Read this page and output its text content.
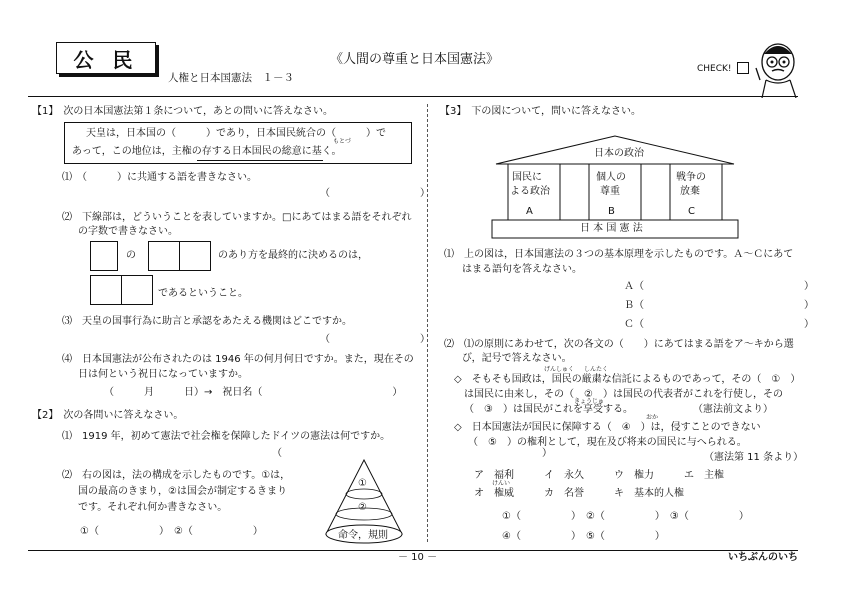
公 民	《人間の尊重と日本国憲法》
人権と日本国憲法　１－３
CHECK!
【1】　次の日本国憲法第１条について，あとの問いに答えなさい。
天皇は，日本国の（　　　）であり，日本国民統合の（　　　）で
あって，この地位は，主権の存する日本国民の総意に基く。
もとづ
⑴　（　　　）に共通する語を書きなさい。
（　　　　　　　　　）
⑵　下線部は，どういうことを表していますか。□にあてはまる語をそれぞれ
の字数で書きなさい。
の	のあり方を最終的に決めるのは，
であるということ。
⑶　天皇の国事行為に助言と承認をあたえる機関はどこですか。
（　　　　　　　　　）
⑷　日本国憲法が公布されたのは 1946 年の何月何日ですか。また，現在その
日は何という祝日になっていますか。
（　　　月　　　日）→　祝日名（　　　　　　　　　　　　　）
【2】　次の各問いに答えなさい。
⑴　1919 年，初めて憲法で社会権を保障したドイツの憲法は何ですか。
（　　　　　　　　　　　　　　　　　　　　　　　　　　）
⑵　右の図は，法の構成を示したものです。①は，
国の最高のきまり，②は国会が制定するきまり
です。それぞれ何か書きなさい。
①（　　　　　　）　②（　　　　　　）
①
②
命令，規則
【3】　下の図について，問いに答えなさい。
日本の政治
国民に
よる政治
A
個人の
尊重
B
戦争の
放棄
C
日 本 国 憲 法
⑴　上の図は，日本国憲法の３つの基本原理を示したものです。Ａ～Ｃにあて
はまる語句を答えなさい。
Ａ（　　　　　　　　　　　　　　　　）
Ｂ（　　　　　　　　　　　　　　　　）
Ｃ（　　　　　　　　　　　　　　　　）
⑵　⑴の原則にあわせて，次の各文の（　　）にあてはまる語をア～キから選
び，記号で答えなさい。
げんしゅく しんたく
◇　そもそも国政は，国民の厳粛な信託によるものであって，その（　①　）
は国民に由来し，その（　②　）は国民の代表者がこれを行使し，その
きょうじゅ
（　③　）は国民がこれを享受する。　　　　　　　（憲法前文より）
おか
◇　日本国憲法が国民に保障する（　④　）は，侵すことのできない
（　⑤　）の権利として，現在及び将来の国民に与へられる。
（憲法第 11 条より）
ア　福利　　　イ　永久　　　ウ　権力　　　エ　主権
オ　権威　　　カ　名誉　　　キ　基本的人権
けんい
①（　　　　　）　②（　　　　　）　③（　　　　　）
④（　　　　　）　⑤（　　　　　）
－ 10 －	いちぶんのいち
